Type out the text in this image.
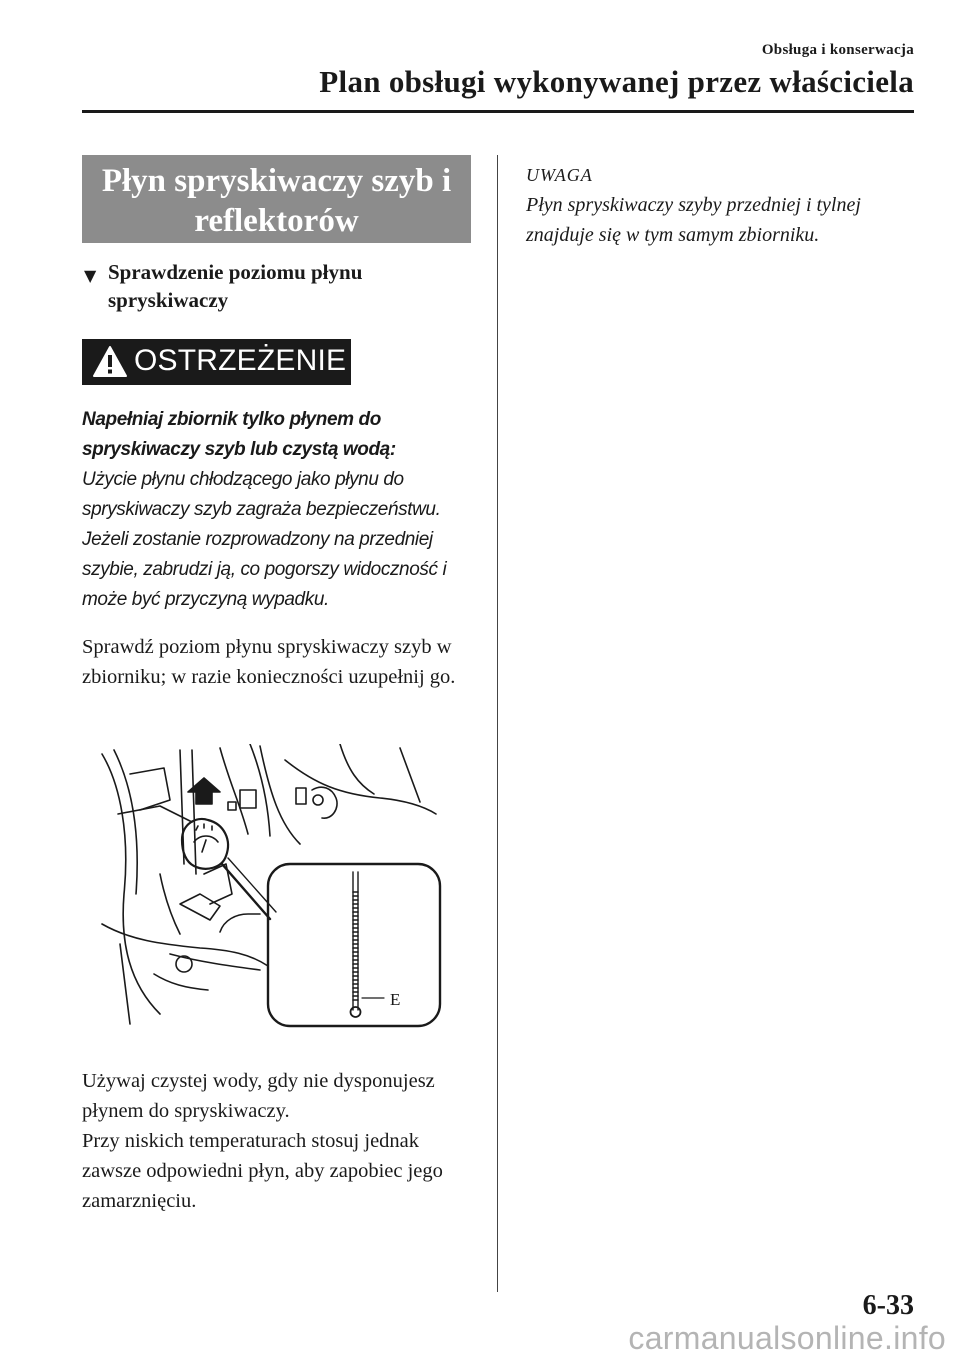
Obsługa i konserwacja
Plan obsługi wykonywanej przez właściciela
Płyn spryskiwaczy szyb i
reflektorów
▼ Sprawdzenie poziomu płynu spryskiwaczy
OSTRZEŻENIE
Napełniaj zbiornik tylko płynem do spryskiwaczy szyb lub czystą wodą:
Użycie płynu chłodzącego jako płynu do spryskiwaczy szyb zagraża bezpieczeństwu. Jeżeli zostanie rozprowadzony na przedniej szybie, zabrudzi ją, co pogorszy widoczność i może być przyczyną wypadku.
Sprawdź poziom płynu spryskiwaczy szyb w zbiorniku; w razie konieczności uzupełnij go.
E
Używaj czystej wody, gdy nie dysponujesz płynem do spryskiwaczy.
Przy niskich temperaturach stosuj jednak zawsze odpowiedni płyn, aby zapobiec jego zamarznięciu.
UWAGA
Płyn spryskiwaczy szyby przedniej i tylnej znajduje się w tym samym zbiorniku.
6-33
carmanualsonline.info
